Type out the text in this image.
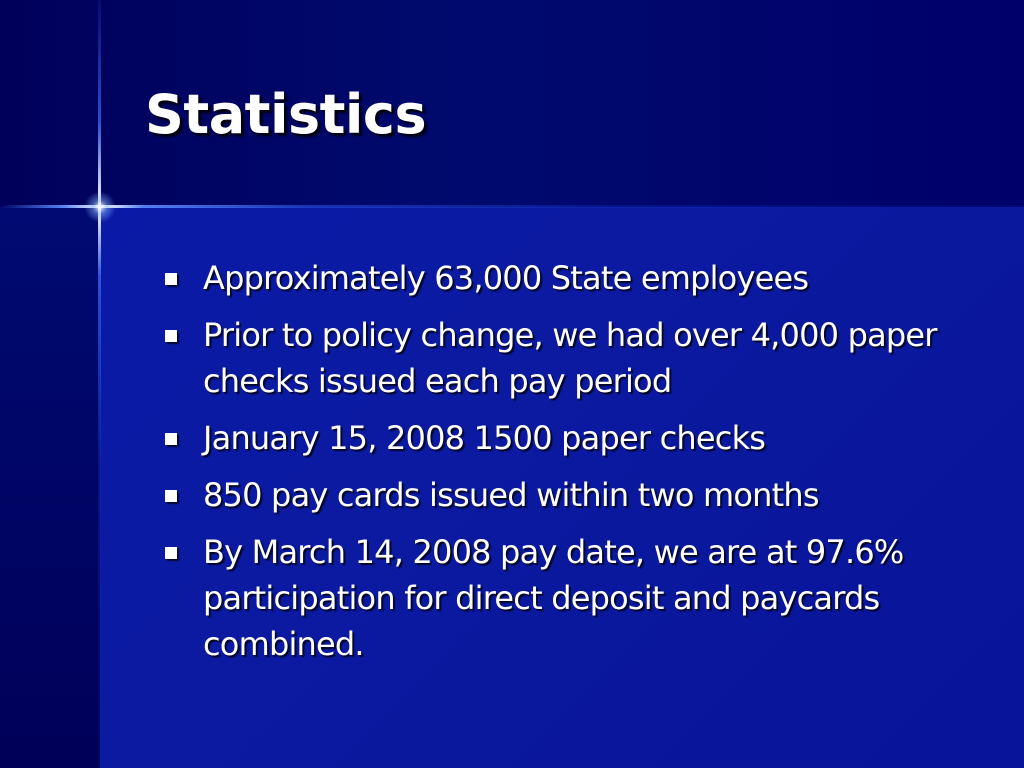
Statistics
Approximately 63,000 State employees
Prior to policy change, we had over 4,000 paper checks issued each pay period
January 15, 2008 1500 paper checks
850 pay cards issued within two months
By March 14, 2008 pay date, we are at 97.6% participation for direct deposit and paycards combined.
